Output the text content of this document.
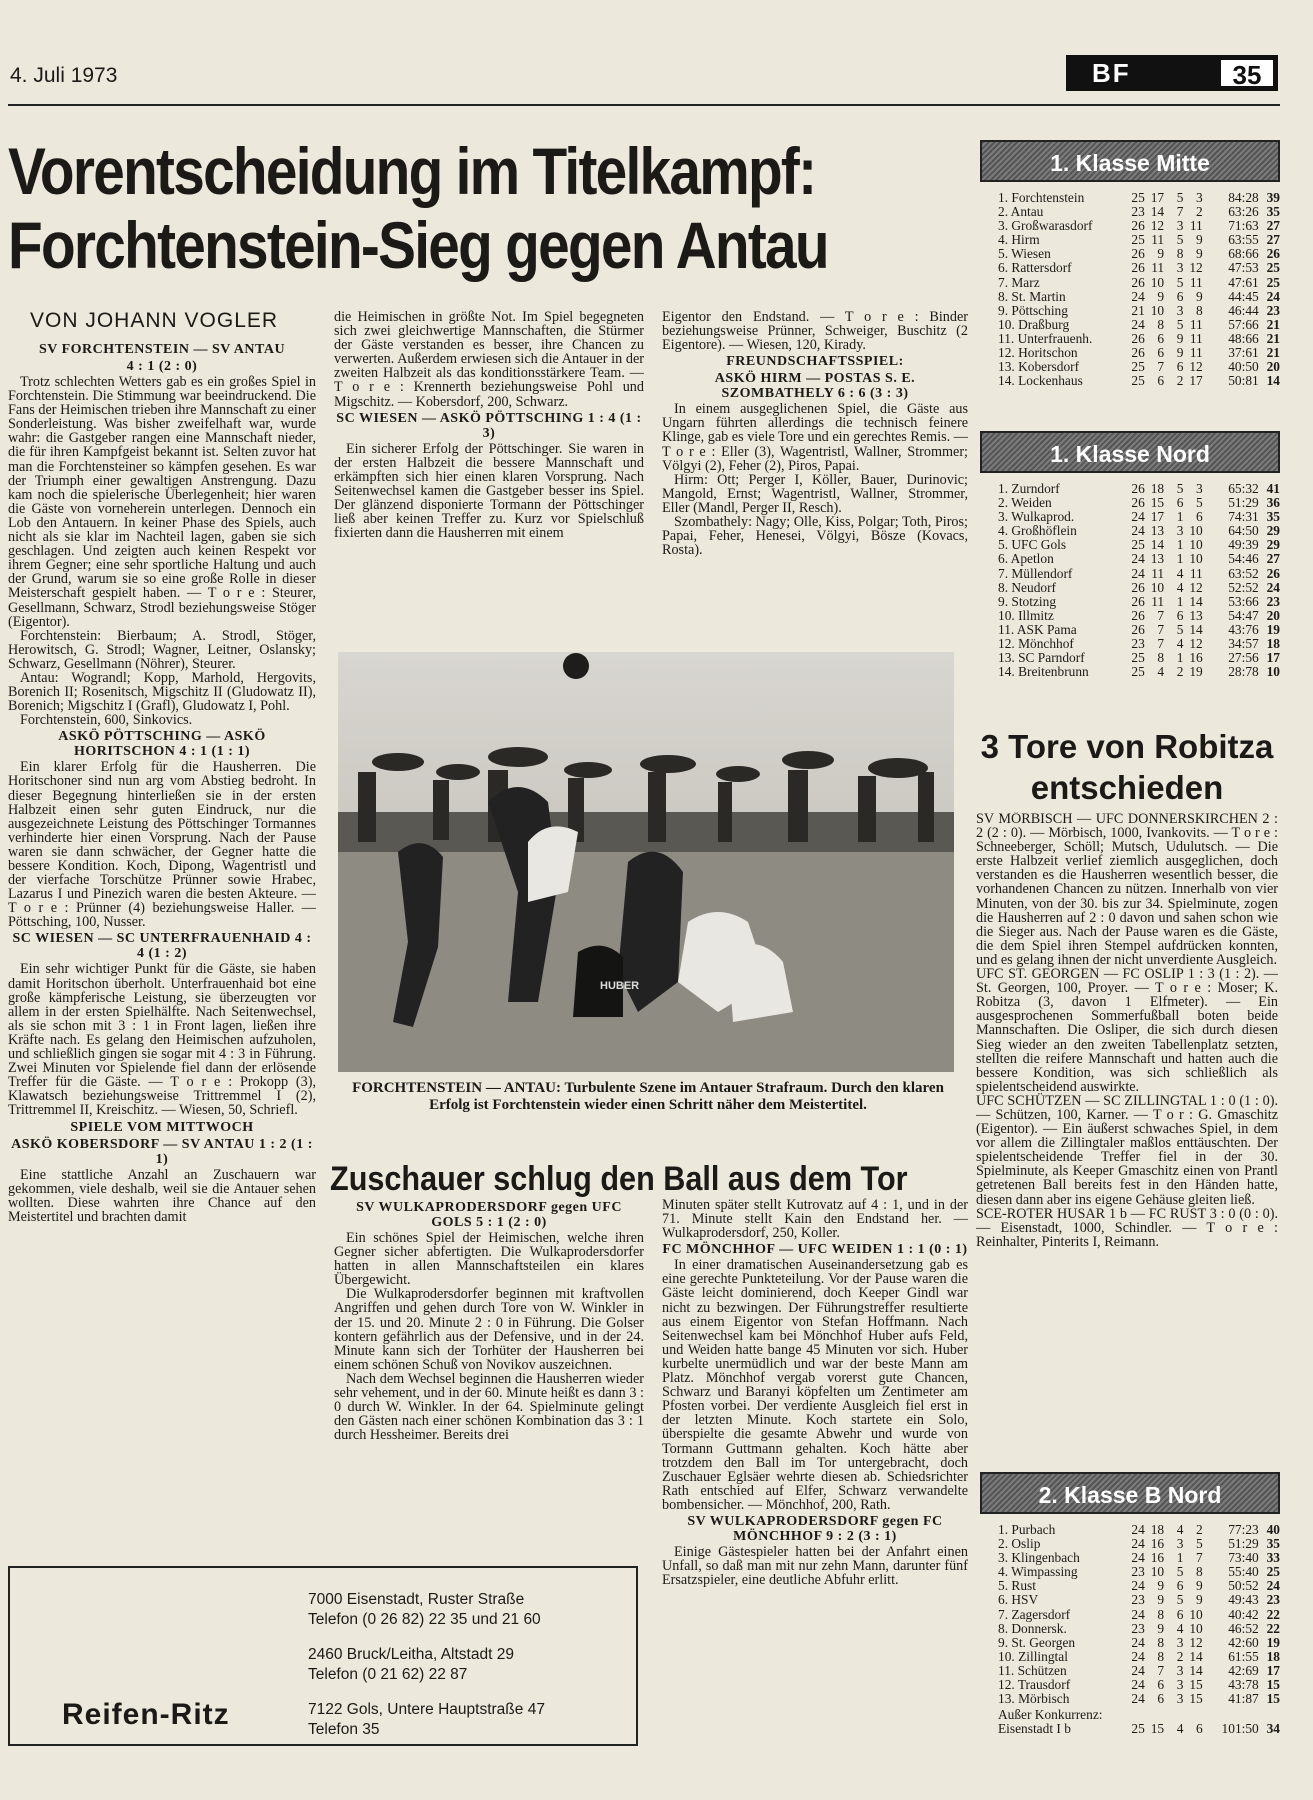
4. Juli 1973	BF	35
Vorentscheidung im Titelkampf:
Forchtenstein-Sieg gegen Antau
VON JOHANN VOGLER
SV FORCHTENSTEIN — SV ANTAU
4 : 1 (2 : 0)

Trotz schlechten Wetters gab es ein großes Spiel in Forchtenstein. Die Stimmung war beeindruckend. Die Fans der Heimischen trieben ihre Mannschaft zu einer Sonderleistung. Was bisher zweifelhaft war, wurde wahr: die Gastgeber rangen eine Mannschaft nieder, die für ihren Kampfgeist bekannt ist. Selten zuvor hat man die Forchtensteiner so kämpfen gesehen. Es war der Triumph einer gewaltigen Anstrengung. Dazu kam noch die spielerische Überlegenheit; hier waren die Gäste von vorneherein unterlegen. Dennoch ein Lob den Antauern. In keiner Phase des Spiels, auch nicht als sie klar im Nachteil lagen, gaben sie sich geschlagen. Und zeigten auch keinen Respekt vor ihrem Gegner; eine sehr sportliche Haltung und auch der Grund, warum sie so eine große Rolle in dieser Meisterschaft gespielt haben. — T o r e : Steurer, Gesellmann, Schwarz, Strodl beziehungsweise Stöger (Eigentor).

Forchtenstein: Bierbaum; A. Strodl, Stöger, Herowitsch, G. Strodl; Wagner, Leitner, Oslansky; Schwarz, Gesellmann (Nöhrer), Steurer.

Antau: Wograndl; Kopp, Marhold, Hergovits, Borenich II; Rosenitsch, Migschitz II (Gludowatz II), Borenich; Migschitz I (Grafl), Gludowatz I, Pohl.

Forchtenstein, 600, Sinkovics.

ASKÖ PÖTTSCHING — ASKÖ HORITSCHON 4 : 1 (1 : 1)

Ein klarer Erfolg für die Hausherren. Die Horitschoner sind nun arg vom Abstieg bedroht. In dieser Begegnung hinterließen sie in der ersten Halbzeit einen sehr guten Eindruck, nur die ausgezeichnete Leistung des Pöttschinger Tormannes verhinderte hier einen Vorsprung. Nach der Pause waren sie dann schwächer, der Gegner hatte die bessere Kondition. Koch, Dipong, Wagentristl und der vierfache Torschütze Prünner sowie Hrabec, Lazarus I und Pinezich waren die besten Akteure. — T o r e : Prünner (4) beziehungsweise Haller. — Pöttsching, 100, Nusser.

SC WIESEN — SC UNTERFRAUENHAID 4 : 4 (1 : 2)

Ein sehr wichtiger Punkt für die Gäste, sie haben damit Horitschon überholt. Unterfrauenhaid bot eine große kämpferische Leistung, sie überzeugten vor allem in der ersten Spielhälfte. Nach Seitenwechsel, als sie schon mit 3 : 1 in Front lagen, ließen ihre Kräfte nach. Es gelang den Heimischen aufzuholen, und schließlich gingen sie sogar mit 4 : 3 in Führung. Zwei Minuten vor Spielende fiel dann der erlösende Treffer für die Gäste. — T o r e : Prokopp (3), Klawatsch beziehungsweise Trittremmel I (2), Trittremmel II, Kreischitz. — Wiesen, 50, Schriefl.

SPIELE VOM MITTWOCH
ASKÖ KOBERSDORF — SV ANTAU 1 : 2 (1 : 1)

Eine stattliche Anzahl an Zuschauern war gekommen, viele deshalb, weil sie die Antauer sehen wollten. Diese wahrten ihre Chance auf den Meistertitel und brachten damit

die Heimischen in größte Not. Im Spiel begegneten sich zwei gleichwertige Mannschaften, die Stürmer der Gäste verstanden es besser, ihre Chancen zu verwerten. Außerdem erwiesen sich die Antauer in der zweiten Halbzeit als das konditionsstärkere Team. — T o r e : Krennerth beziehungsweise Pohl und Migschitz. — Kobersdorf, 200, Schwarz.

SC WIESEN — ASKÖ PÖTTSCHING 1 : 4 (1 : 3)

Ein sicherer Erfolg der Pöttschinger. Sie waren in der ersten Halbzeit die bessere Mannschaft und erkämpften sich hier einen klaren Vorsprung. Nach Seitenwechsel kamen die Gastgeber besser ins Spiel. Der glänzend disponierte Tormann der Pöttschinger ließ aber keinen Treffer zu. Kurz vor Spielschluß fixierten dann die Hausherren mit einem

Eigentor den Endstand. — T o r e : Binder beziehungsweise Prünner, Schweiger, Buschitz (2 Eigentore). — Wiesen, 120, Kirady.

FREUNDSCHAFTSSPIEL:
ASKÖ HIRM — POSTAS S. E. SZOMBATHELY 6 : 6 (3 : 3)

In einem ausgeglichenen Spiel, die Gäste aus Ungarn führten allerdings die technisch feinere Klinge, gab es viele Tore und ein gerechtes Remis. — T o r e : Eller (3), Wagentristl, Wallner, Strommer; Völgyi (2), Feher (2), Piros, Papai.

Hirm: Ott; Perger I, Köller, Bauer, Durinovic; Mangold, Ernst; Wagentristl, Wallner, Strommer, Eller (Mandl, Perger II, Resch).

Szombathely: Nagy; Olle, Kiss, Polgar; Toth, Piros; Papai, Feher, Henesei, Völgyi, Bösze (Kovacs, Rosta).

HUBER
FORCHTENSTEIN — ANTAU: Turbulente Szene im Antauer Strafraum. Durch den klaren Erfolg ist Forchtenstein wieder einen Schritt näher dem Meistertitel.
Zuschauer schlug den Ball aus dem Tor
SV WULKAPRODERSDORF gegen UFC GOLS 5 : 1 (2 : 0)

Ein schönes Spiel der Heimischen, welche ihren Gegner sicher abfertigten. Die Wulkaprodersdorfer hatten in allen Mannschaftsteilen ein klares Übergewicht.

Die Wulkaprodersdorfer beginnen mit kraftvollen Angriffen und gehen durch Tore von W. Winkler in der 15. und 20. Minute 2 : 0 in Führung. Die Golser kontern gefährlich aus der Defensive, und in der 24. Minute kann sich der Torhüter der Hausherren bei einem schönen Schuß von Novikov auszeichnen.

Nach dem Wechsel beginnen die Hausherren wieder sehr vehement, und in der 60. Minute heißt es dann 3 : 0 durch W. Winkler. In der 64. Spielminute gelingt den Gästen nach einer schönen Kombination das 3 : 1 durch Hessheimer. Bereits drei

Minuten später stellt Kutrovatz auf 4 : 1, und in der 71. Minute stellt Kain den Endstand her. — Wulkaprodersdorf, 250, Koller.

FC MÖNCHHOF — UFC WEIDEN 1 : 1 (0 : 1)

In einer dramatischen Auseinandersetzung gab es eine gerechte Punkteteilung. Vor der Pause waren die Gäste leicht dominierend, doch Keeper Gindl war nicht zu bezwingen. Der Führungstreffer resultierte aus einem Eigentor von Stefan Hoffmann. Nach Seitenwechsel kam bei Mönchhof Huber aufs Feld, und Weiden hatte bange 45 Minuten vor sich. Huber kurbelte unermüdlich und war der beste Mann am Platz. Mönchhof vergab vorerst gute Chancen, Schwarz und Baranyi köpfelten um Zentimeter am Pfosten vorbei. Der verdiente Ausgleich fiel erst in der letzten Minute. Koch startete ein Solo, überspielte die gesamte Abwehr und wurde von Tormann Guttmann gehalten. Koch hätte aber trotzdem den Ball im Tor untergebracht, doch Zuschauer Eglsäer wehrte diesen ab. Schiedsrichter Rath entschied auf Elfer, Schwarz verwandelte bombensicher. — Mönchhof, 200, Rath.

SV WULKAPRODERSDORF gegen FC MÖNCHHOF 9 : 2 (3 : 1)

Einige Gästespieler hatten bei der Anfahrt einen Unfall, so daß man mit nur zehn Mann, darunter fünf Ersatzspieler, eine deutliche Abfuhr erlitt.

3 Tore von Robitza
entschieden

SV MÖRBISCH — UFC DONNERSKIRCHEN 2 : 2 (2 : 0). — Mörbisch, 1000, Ivankovits. — T o r e : Schneeberger, Schöll; Mutsch, Udulutsch. — Die erste Halbzeit verlief ziemlich ausgeglichen, doch verstanden es die Hausherren wesentlich besser, die vorhandenen Chancen zu nützen. Innerhalb von vier Minuten, von der 30. bis zur 34. Spielminute, zogen die Hausherren auf 2 : 0 davon und sahen schon wie die Sieger aus. Nach der Pause waren es die Gäste, die dem Spiel ihren Stempel aufdrücken konnten, und es gelang ihnen der nicht unverdiente Ausgleich.

UFC ST. GEORGEN — FC OSLIP 1 : 3 (1 : 2). — St. Georgen, 100, Proyer. — T o r e : Moser; K. Robitza (3, davon 1 Elfmeter). — Ein ausgesprochenen Sommerfußball boten beide Mannschaften. Die Osliper, die sich durch diesen Sieg wieder an den zweiten Tabellenplatz setzten, stellten die reifere Mannschaft und hatten auch die bessere Kondition, was sich schließlich als spielentscheidend auswirkte.

UFC SCHÜTZEN — SC ZILLINGTAL 1 : 0 (1 : 0). — Schützen, 100, Karner. — T o r : G. Gmaschitz (Eigentor). — Ein äußerst schwaches Spiel, in dem vor allem die Zillingtaler maßlos enttäuschten. Der spielentscheidende Treffer fiel in der 30. Spielminute, als Keeper Gmaschitz einen von Prantl getretenen Ball bereits fest in den Händen hatte, diesen dann aber ins eigene Gehäuse gleiten ließ.

SCE-ROTER HUSAR 1 b — FC RUST 3 : 0 (0 : 0). — Eisenstadt, 1000, Schindler. — T o r e : Reinhalter, Pinterits I, Reimann.

Reifen-Ritz
7000 Eisenstadt, Ruster Straße
Telefon (0 26 82) 22 35 und 21 60
2460 Bruck/Leitha, Altstadt 29
Telefon (0 21 62) 22 87
7122 Gols, Untere Hauptstraße 47
Telefon 35
1. Klasse Mitte
1. Forchtenstein	25 17 5 3	84:28 39
2. Antau	23 14 7 2	63:26 35
3. Großwarasdorf	26 12 3 11	71:63 27
4. Hirm	25 11 5 9	63:55 27
5. Wiesen	26 9 8 9	68:66 26
6. Rattersdorf	26 11 3 12	47:53 25
7. Marz	26 10 5 11	47:61 25
8. St. Martin	24 9 6 9	44:45 24
9. Pöttsching	21 10 3 8	46:44 23
10. Draßburg	24 8 5 11	57:66 21
11. Unterfrauenh.	26 6 9 11	48:66 21
12. Horitschon	26 6 9 11	37:61 21
13. Kobersdorf	25 7 6 12	40:50 20
14. Lockenhaus	25 6 2 17	50:81 14
1. Klasse Nord
1. Zurndorf	26 18 5 3	65:32 41
2. Weiden	26 15 6 5	51:29 36
3. Wulkaprod.	24 17 1 6	74:31 35
4. Großhöflein	24 13 3 10	64:50 29
5. UFC Gols	25 14 1 10	49:39 29
6. Apetlon	24 13 1 10	54:46 27
7. Müllendorf	24 11 4 11	63:52 26
8. Neudorf	26 10 4 12	52:52 24
9. Stotzing	26 11 1 14	53:66 23
10. Illmitz	26 7 6 13	54:47 20
11. ASK Pama	26 7 5 14	43:76 19
12. Mönchhof	23 7 4 12	34:57 18
13. SC Parndorf	25 8 1 16	27:56 17
14. Breitenbrunn	25 4 2 19	28:78 10
2. Klasse B Nord
1. Purbach	24 18 4 2	77:23 40
2. Oslip	24 16 3 5	51:29 35
3. Klingenbach	24 16 1 7	73:40 33
4. Wimpassing	23 10 5 8	55:40 25
5. Rust	24 9 6 9	50:52 24
6. HSV	23 9 5 9	49:43 23
7. Zagersdorf	24 8 6 10	40:42 22
8. Donnersk.	23 9 4 10	46:52 22
9. St. Georgen	24 8 3 12	42:60 19
10. Zillingtal	24 8 2 14	61:55 18
11. Schützen	24 7 3 14	42:69 17
12. Trausdorf	24 6 3 15	43:78 15
13. Mörbisch	24 6 3 15	41:87 15
Außer Konkurrenz:
Eisenstadt I b	25 15 4 6	101:50 34
